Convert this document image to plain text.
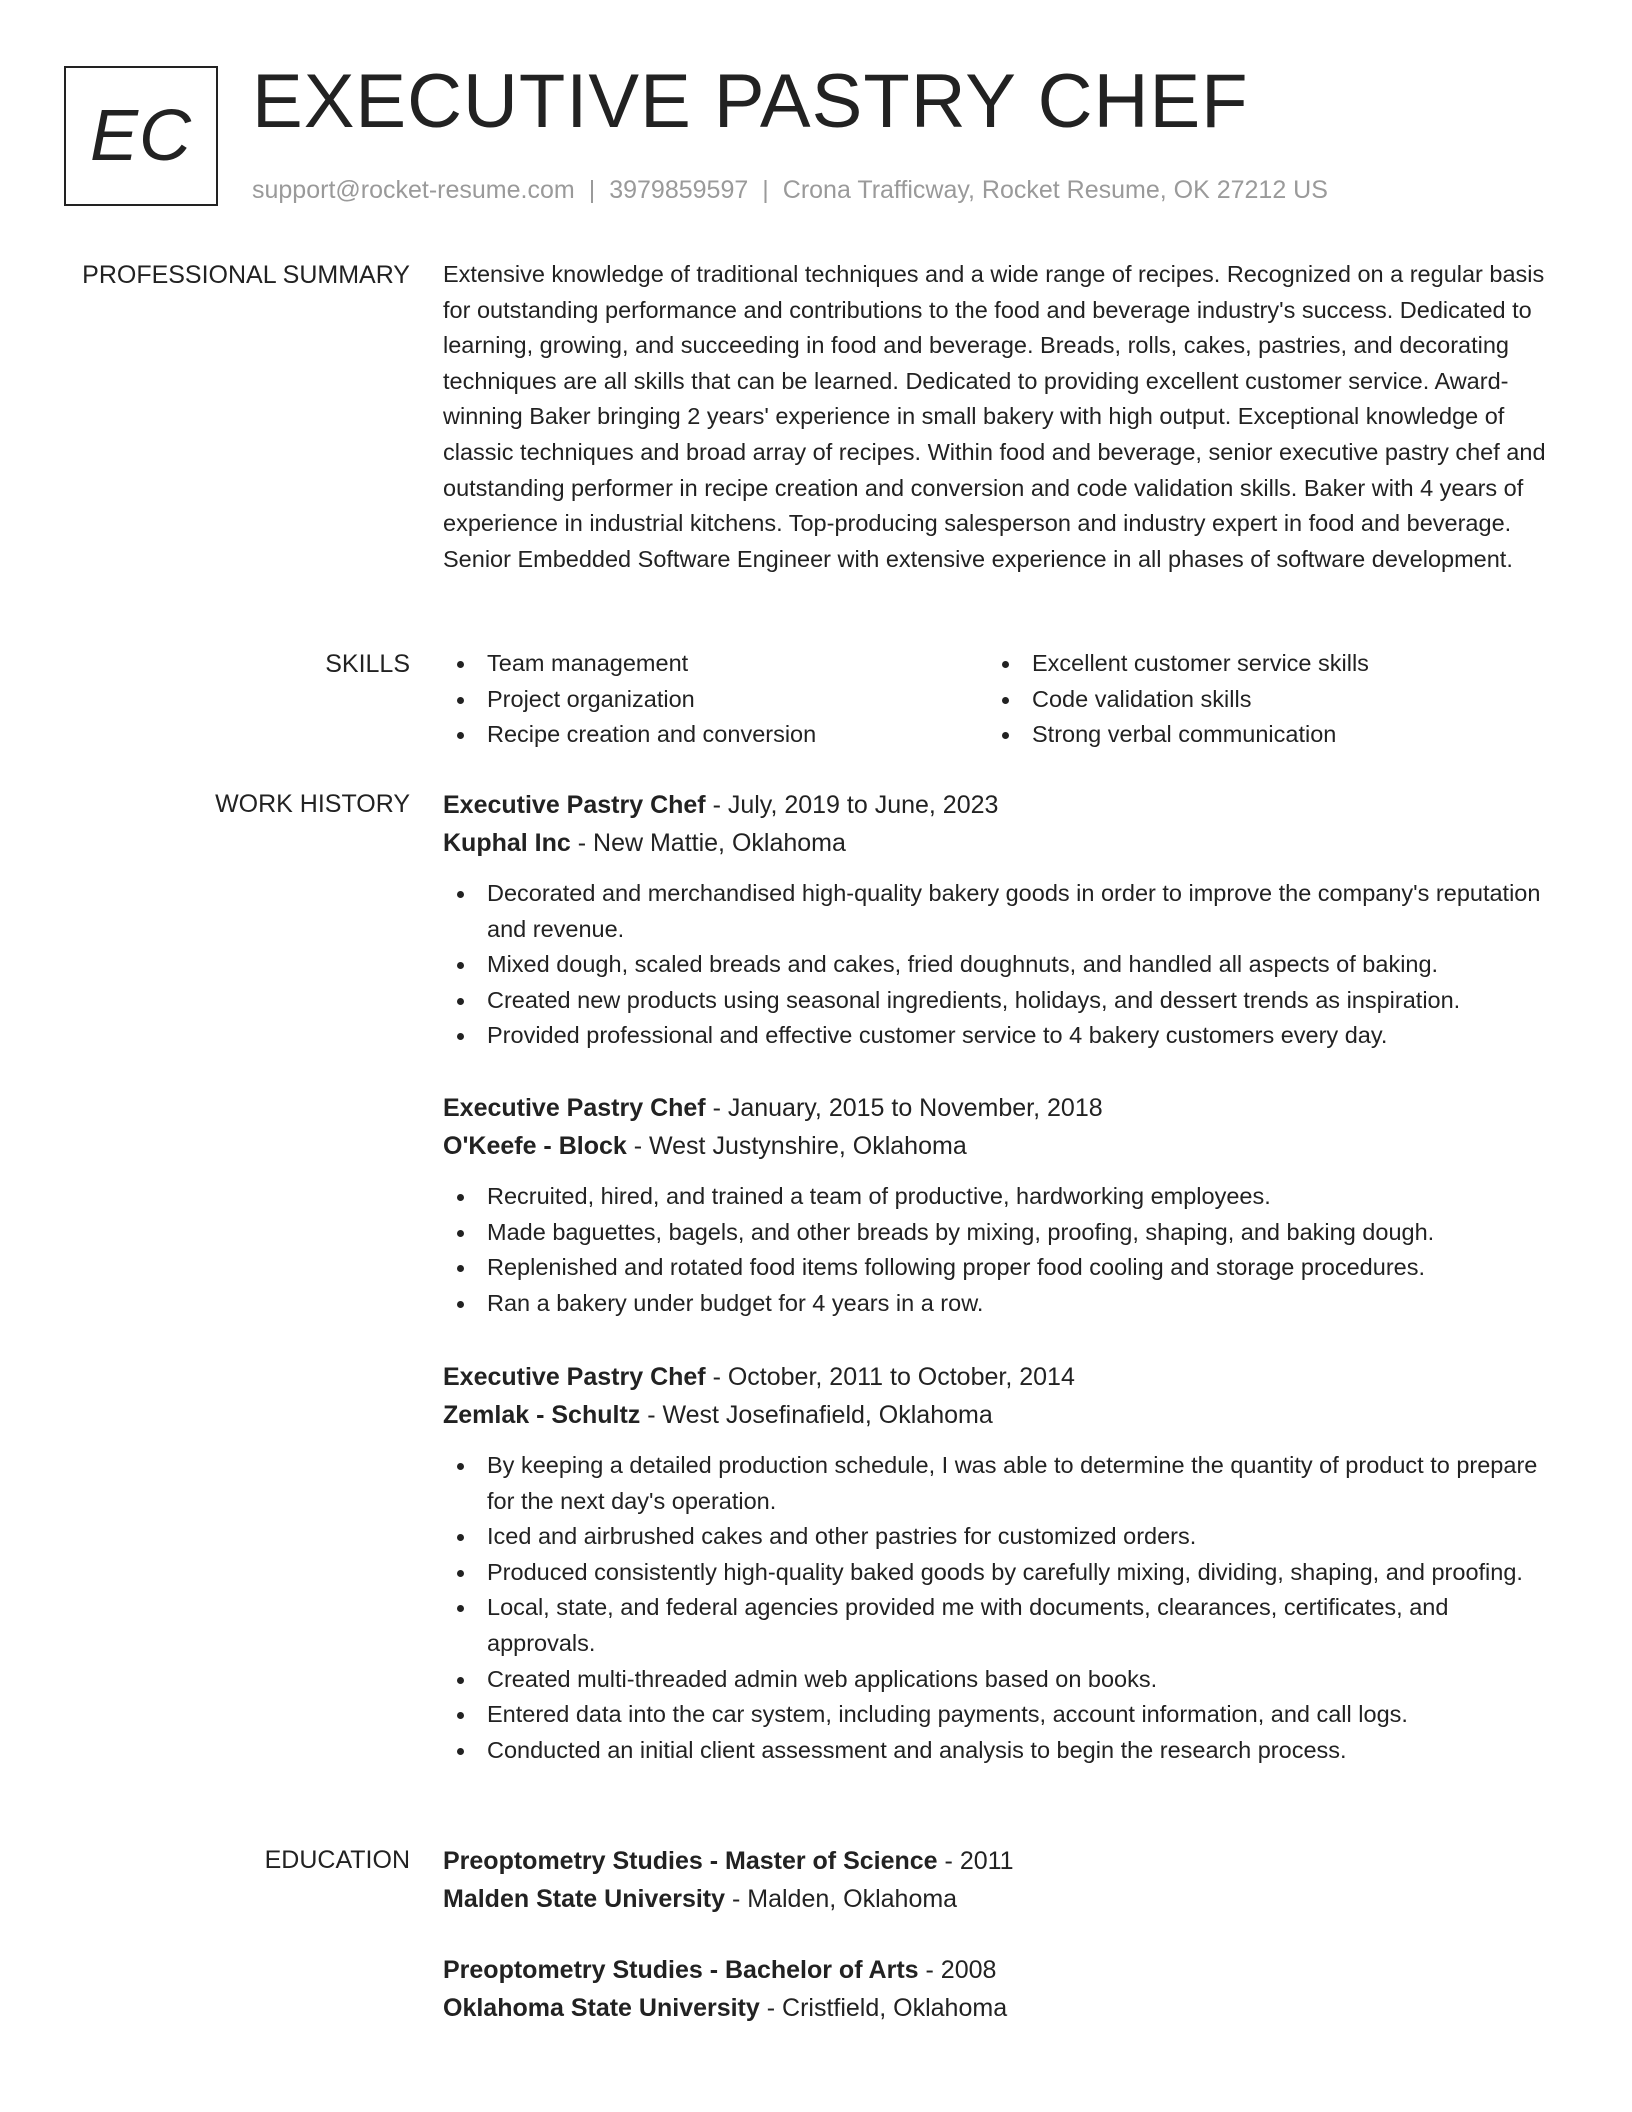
EC EXECUTIVE PASTRY CHEF
support@rocket-resume.com | 3979859597 | Crona Trafficway, Rocket Resume, OK 27212 US
PROFESSIONAL SUMMARY Extensive knowledge of traditional techniques and a wide range of recipes. Recognized on a regular basis for outstanding performance and contributions to the food and beverage industry's success. Dedicated to learning, growing, and succeeding in food and beverage. Breads, rolls, cakes, pastries, and decorating techniques are all skills that can be learned. Dedicated to providing excellent customer service. Award-winning Baker bringing 2 years' experience in small bakery with high output. Exceptional knowledge of classic techniques and broad array of recipes. Within food and beverage, senior executive pastry chef and outstanding performer in recipe creation and conversion and code validation skills. Baker with 4 years of experience in industrial kitchens. Top-producing salesperson and industry expert in food and beverage. Senior Embedded Software Engineer with extensive experience in all phases of software development.
SKILLS	Team management
Project organization
Recipe creation and conversion
Excellent customer service skills
Code validation skills
Strong verbal communication
WORK HISTORY Executive Pastry Chef - July, 2019 to June, 2023
Kuphal Inc - New Mattie, Oklahoma
Decorated and merchandised high-quality bakery goods in order to improve the company's reputation and revenue.
Mixed dough, scaled breads and cakes, fried doughnuts, and handled all aspects of baking.
Created new products using seasonal ingredients, holidays, and dessert trends as inspiration.
Provided professional and effective customer service to 4 bakery customers every day.
Executive Pastry Chef - January, 2015 to November, 2018
O'Keefe - Block - West Justynshire, Oklahoma
Recruited, hired, and trained a team of productive, hardworking employees.
Made baguettes, bagels, and other breads by mixing, proofing, shaping, and baking dough.
Replenished and rotated food items following proper food cooling and storage procedures.
Ran a bakery under budget for 4 years in a row.
Executive Pastry Chef - October, 2011 to October, 2014
Zemlak - Schultz - West Josefinafield, Oklahoma
By keeping a detailed production schedule, I was able to determine the quantity of product to prepare for the next day's operation.
Iced and airbrushed cakes and other pastries for customized orders.
Produced consistently high-quality baked goods by carefully mixing, dividing, shaping, and proofing.
Local, state, and federal agencies provided me with documents, clearances, certificates, and approvals.
Created multi-threaded admin web applications based on books.
Entered data into the car system, including payments, account information, and call logs.
Conducted an initial client assessment and analysis to begin the research process.
EDUCATION Preoptometry Studies - Master of Science - 2011
Malden State University - Malden, Oklahoma
Preoptometry Studies - Bachelor of Arts - 2008
Oklahoma State University - Cristfield, Oklahoma
